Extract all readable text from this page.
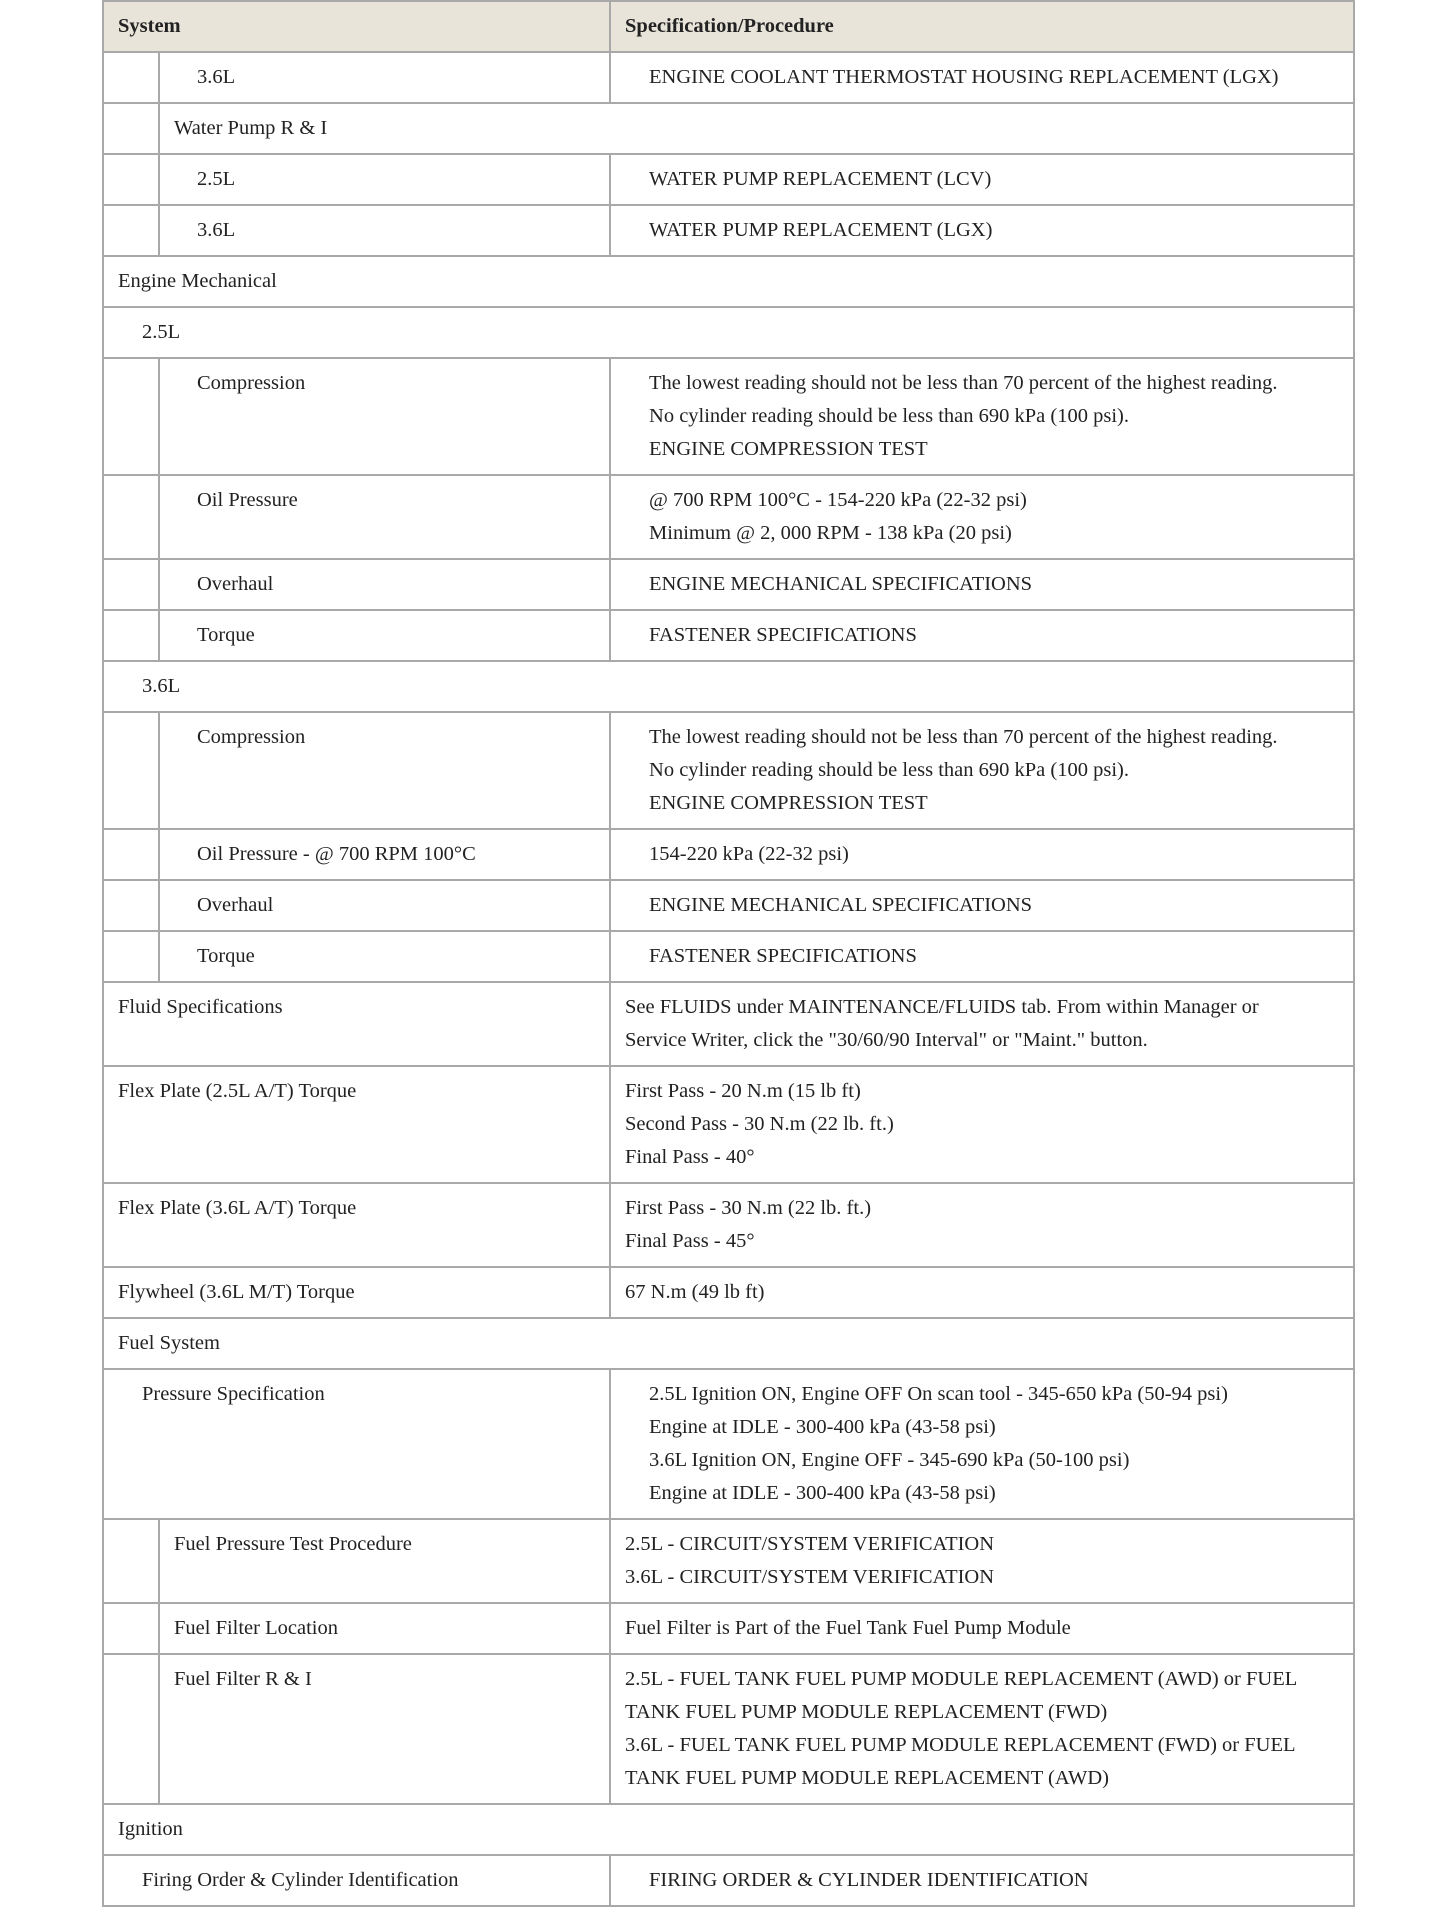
System		Specification/Procedure
	3.6L	ENGINE COOLANT THERMOSTAT HOUSING REPLACEMENT (LGX)

	Water Pump R & I	
	2.5L	WATER PUMP REPLACEMENT (LCV)

	3.6L	WATER PUMP REPLACEMENT (LGX)

Engine Mechanical		
2.5L		
	Compression	The lowest reading should not be less than 70 percent of the highest reading.
No cylinder reading should be less than 690 kPa (100 psi).
ENGINE COMPRESSION TEST

	Oil Pressure	@ 700 RPM 100°C - 154-220 kPa (22-32 psi)
Minimum @ 2, 000 RPM - 138 kPa (20 psi)

	Overhaul	ENGINE MECHANICAL SPECIFICATIONS

	Torque	FASTENER SPECIFICATIONS

3.6L		
	Compression	The lowest reading should not be less than 70 percent of the highest reading.
No cylinder reading should be less than 690 kPa (100 psi).
ENGINE COMPRESSION TEST

	Oil Pressure - @ 700 RPM 100°C	154-220 kPa (22-32 psi)

	Overhaul	ENGINE MECHANICAL SPECIFICATIONS

	Torque	FASTENER SPECIFICATIONS

Fluid Specifications		See FLUIDS under MAINTENANCE/FLUIDS tab. From within Manager or
Service Writer, click the "30/60/90 Interval" or "Maint." button.

Flex Plate (2.5L A/T) Torque		First Pass - 20 N.m (15 lb ft)
Second Pass - 30 N.m (22 lb. ft.)
Final Pass - 40°

Flex Plate (3.6L A/T) Torque		First Pass - 30 N.m (22 lb. ft.)
Final Pass - 45°

Flywheel (3.6L M/T) Torque		67 N.m (49 lb ft)

Fuel System		
Pressure Specification		2.5L Ignition ON, Engine OFF On scan tool - 345-650 kPa (50-94 psi)
Engine at IDLE - 300-400 kPa (43-58 psi)
3.6L Ignition ON, Engine OFF - 345-690 kPa (50-100 psi)
Engine at IDLE - 300-400 kPa (43-58 psi)

	Fuel Pressure Test Procedure	2.5L - CIRCUIT/SYSTEM VERIFICATION
3.6L - CIRCUIT/SYSTEM VERIFICATION

	Fuel Filter Location	Fuel Filter is Part of the Fuel Tank Fuel Pump Module

	Fuel Filter R & I	2.5L - FUEL TANK FUEL PUMP MODULE REPLACEMENT (AWD) or FUEL
TANK FUEL PUMP MODULE REPLACEMENT (FWD)
3.6L - FUEL TANK FUEL PUMP MODULE REPLACEMENT (FWD) or FUEL
TANK FUEL PUMP MODULE REPLACEMENT (AWD)

Ignition		
Firing Order & Cylinder Identification		FIRING ORDER & CYLINDER IDENTIFICATION
